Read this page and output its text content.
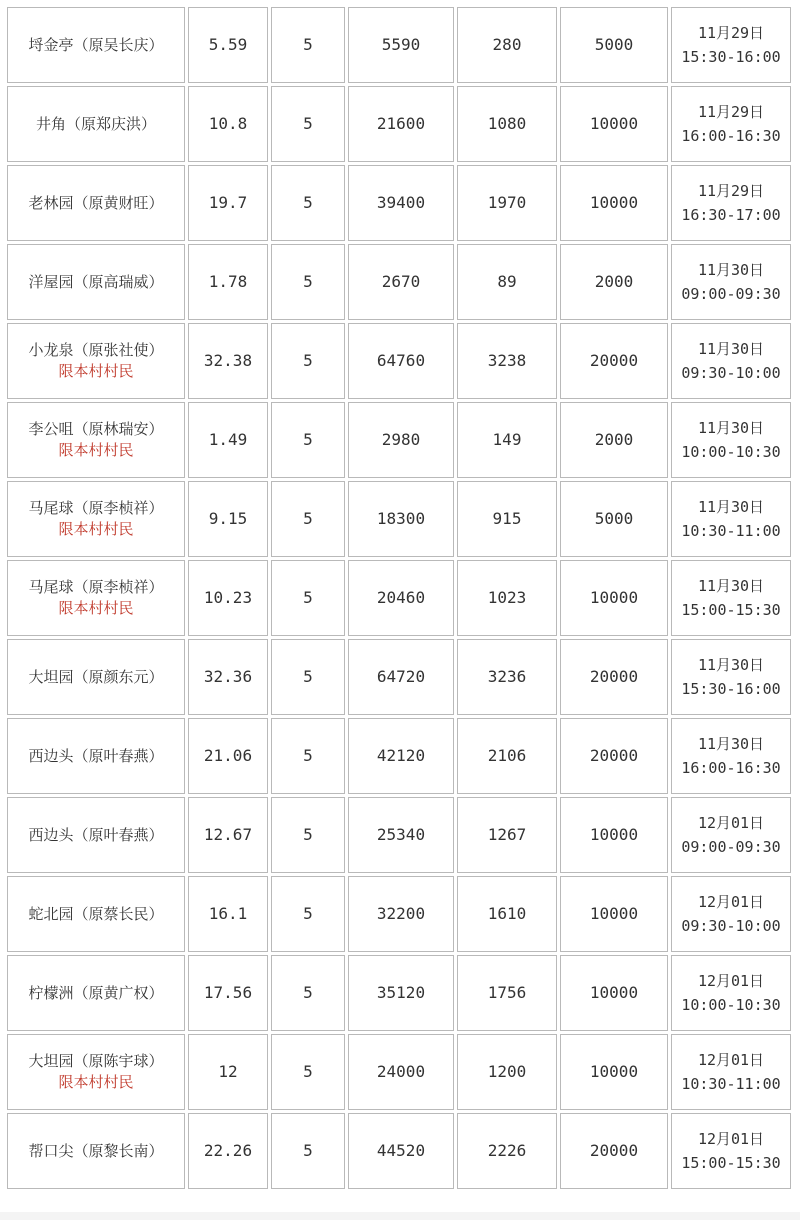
埒金亭（原吴长庆）	5.59	5	5590	280	5000	11月29日
15:30-16:00

井角（原郑庆洪）	10.8	5	21600	1080	10000	11月29日
16:00-16:30

老林园（原黄财旺）	19.7	5	39400	1970	10000	11月29日
16:30-17:00

洋屋园（原高瑞威）	1.78	5	2670	89	2000	11月30日
09:00-09:30

小龙泉（原张社使）
限本村村民	32.38	5	64760	3238	20000	11月30日
09:30-10:00

李公咀（原林瑞安）
限本村村民	1.49	5	2980	149	2000	11月30日
10:00-10:30

马尾球（原李桢祥）
限本村村民	9.15	5	18300	915	5000	11月30日
10:30-11:00

马尾球（原李桢祥）
限本村村民	10.23	5	20460	1023	10000	11月30日
15:00-15:30

大坦园（原颜东元）	32.36	5	64720	3236	20000	11月30日
15:30-16:00

西边头（原叶春燕）	21.06	5	42120	2106	20000	11月30日
16:00-16:30

西边头（原叶春燕）	12.67	5	25340	1267	10000	12月01日
09:00-09:30

蛇北园（原蔡长民）	16.1	5	32200	1610	10000	12月01日
09:30-10:00

柠檬洲（原黄广权）	17.56	5	35120	1756	10000	12月01日
10:00-10:30

大坦园（原陈宇球）
限本村村民	12	5	24000	1200	10000	12月01日
10:30-11:00

帮口尖（原黎长南）	22.26	5	44520	2226	20000	12月01日
15:00-15:30
